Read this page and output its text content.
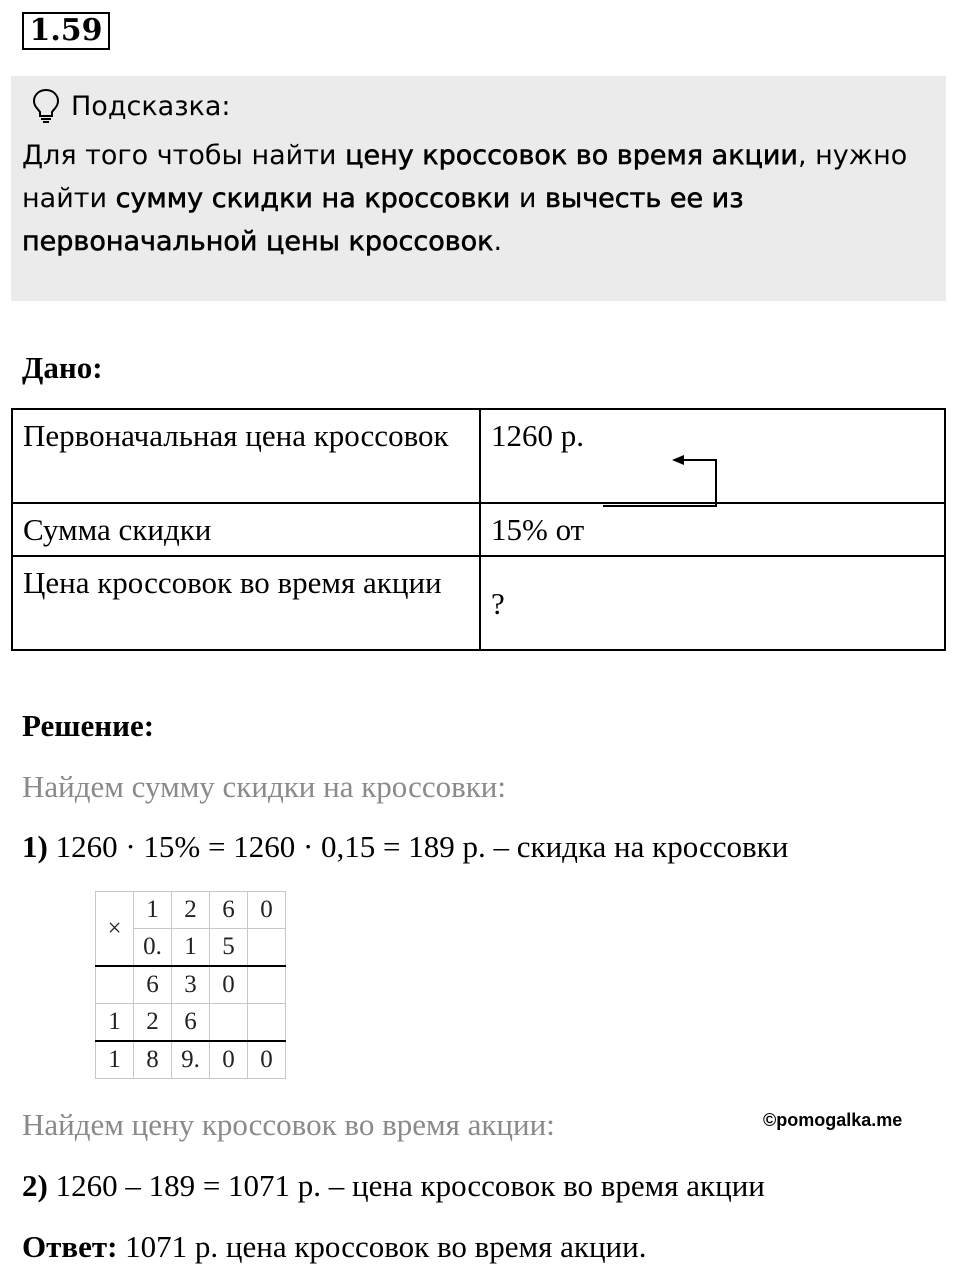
1.59
Подсказка:
Для того чтобы найти цену кроссовок во время акции, нужно найти сумму скидки на кроссовки и вычесть ее из первоначальной цены кроссовок.
Дано:
Первоначальная цена кроссовок	1260 р.
Сумма скидки	15% от
Цена кроссовок во время акции	?
Решение:
Найдем сумму скидки на кроссовки:
1) 1260 · 15% = 1260 · 0,15 = 189 р. – скидка на кроссовки
×	1	2	6	0
	0.	1	5	
	6	3	0	
1	2	6		
1	8	9.	0	0
Найдем цену кроссовок во время акции:	©pomogalka.me
2) 1260 – 189 = 1071 р. – цена кроссовок во время акции
Ответ: 1071 р. цена кроссовок во время акции.
